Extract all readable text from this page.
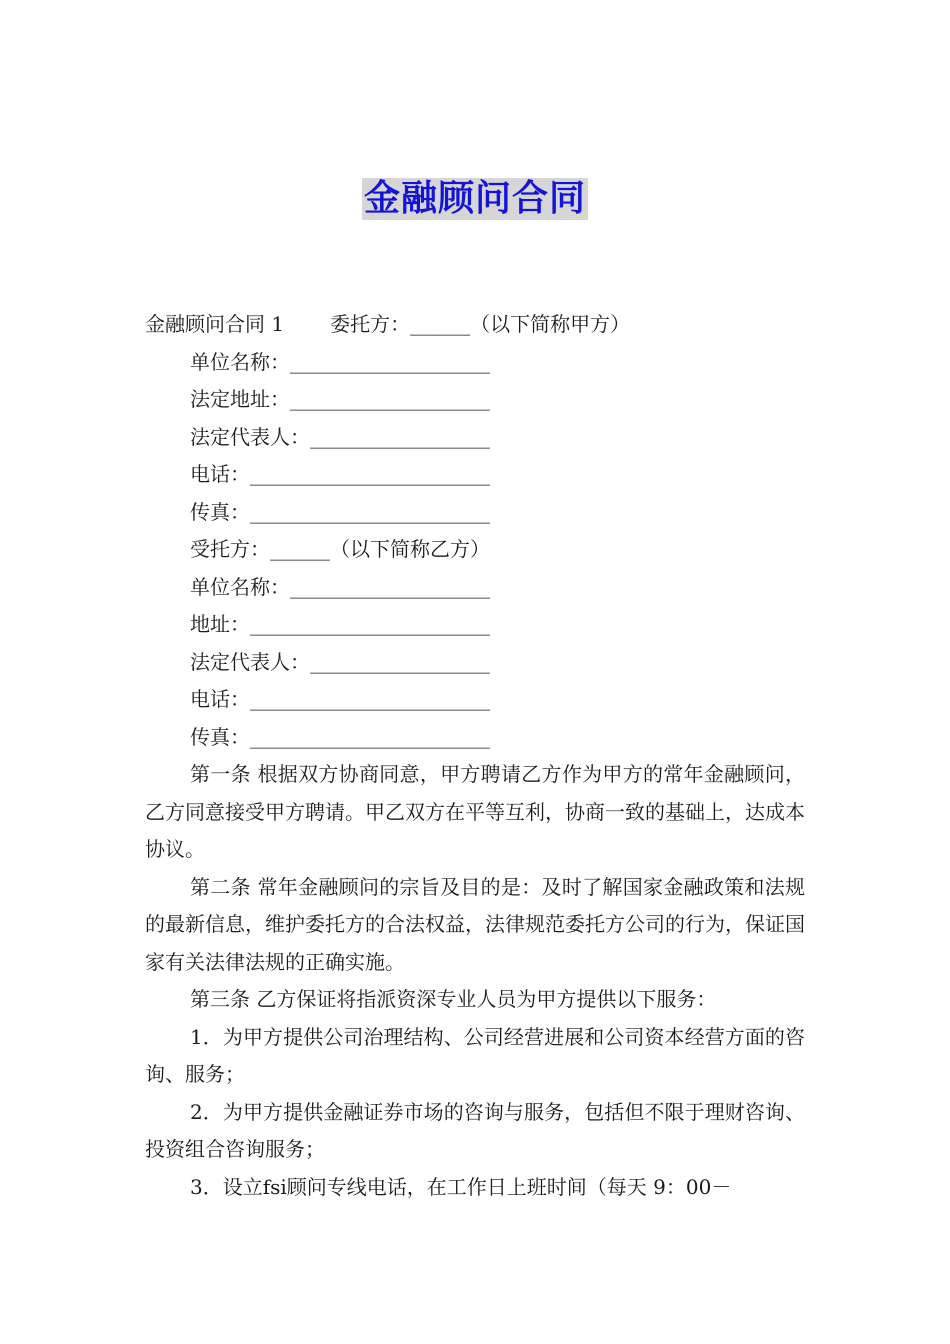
金融顾问合同
金融顾问合同 1 委托方：______（以下简称甲方）
单位名称：____________________
法定地址：____________________
法定代表人：__________________
电话：________________________
传真：________________________
受托方：______（以下简称乙方）
单位名称：____________________
地址：________________________
法定代表人：__________________
电话：________________________
传真：________________________
第一条 根据双方协商同意，甲方聘请乙方作为甲方的常年金融顾问，乙方同意接受甲方聘请。甲乙双方在平等互利，协商一致的基础上，达成本协议。
第二条 常年金融顾问的宗旨及目的是：及时了解国家金融政策和法规的最新信息，维护委托方的合法权益，法律规范委托方公司的行为，保证国家有关法律法规的正确实施。
第三条 乙方保证将指派资深专业人员为甲方提供以下服务：
1．为甲方提供公司治理结构、公司经营进展和公司资本经营方面的咨询、服务；
2．为甲方提供金融证券市场的咨询与服务，包括但不限于理财咨询、投资组合咨询服务；
3．设立fsi顾问专线电话，在工作日上班时间（每天 9：00－
